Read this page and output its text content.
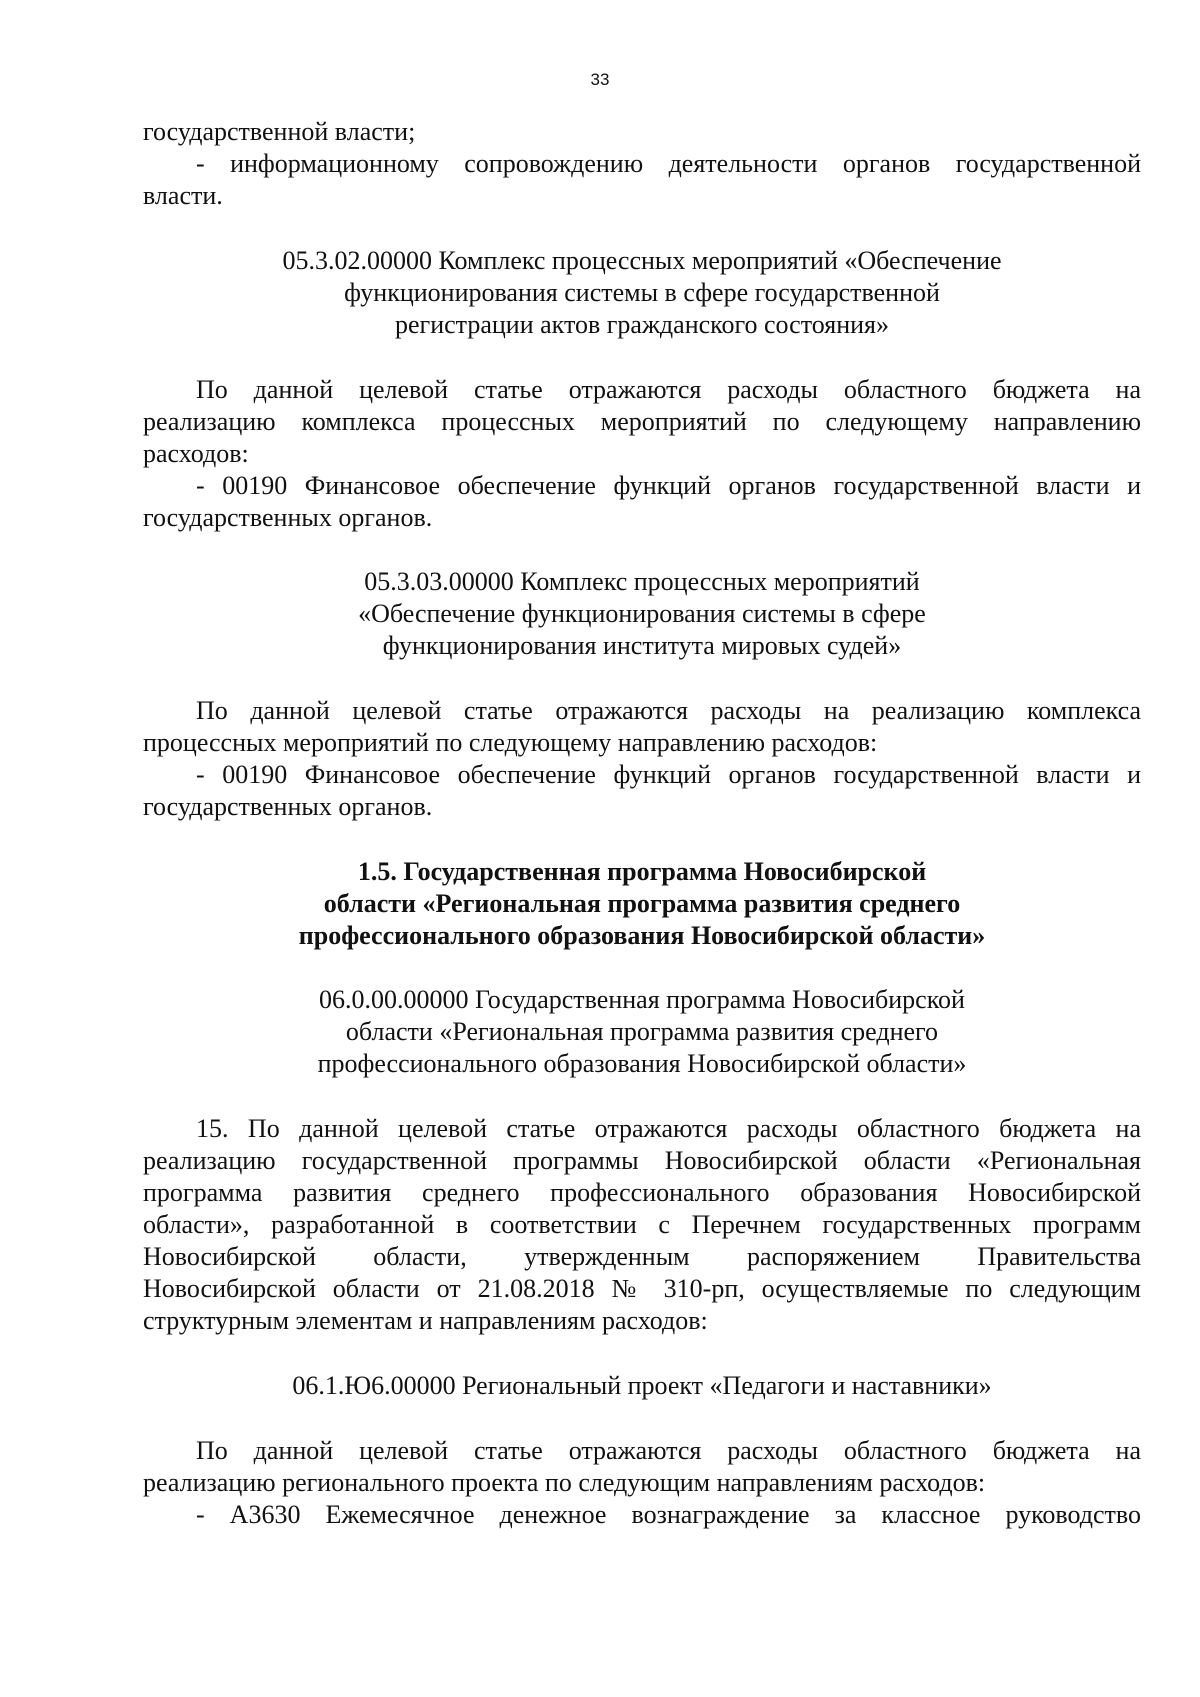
33

государственной власти;

- информационному сопровождению деятельности органов государственной

власти.

05.3.02.00000 Комплекс процессных мероприятий «Обеспечение

функционирования системы в сфере государственной

регистрации актов гражданского состояния»

По данной целевой статье отражаются расходы областного бюджета на

реализацию комплекса процессных мероприятий по следующему направлению

расходов:

- 00190 Финансовое обеспечение функций органов государственной власти и

государственных органов.

05.3.03.00000 Комплекс процессных мероприятий

«Обеспечение функционирования системы в сфере

функционирования института мировых судей»

По данной целевой статье отражаются расходы на реализацию комплекса

процессных мероприятий по следующему направлению расходов:

- 00190 Финансовое обеспечение функций органов государственной власти и

государственных органов.

1.5. Государственная программа Новосибирской

области «Региональная программа развития среднего

профессионального образования Новосибирской области»

06.0.00.00000 Государственная программа Новосибирской

области «Региональная программа развития среднего

профессионального образования Новосибирской области»

15. По данной целевой статье отражаются расходы областного бюджета на

реализацию государственной программы Новосибирской области «Региональная

программа развития среднего профессионального образования Новосибирской

области», разработанной в соответствии с Перечнем государственных программ

Новосибирской области, утвержденным распоряжением Правительства

Новосибирской области от 21.08.2018 № 310-рп, осуществляемые по следующим

структурным элементам и направлениям расходов:

06.1.Ю6.00000 Региональный проект «Педагоги и наставники»

По данной целевой статье отражаются расходы областного бюджета на

реализацию регионального проекта по следующим направлениям расходов:

- А3630 Ежемесячное денежное вознаграждение за классное руководство
